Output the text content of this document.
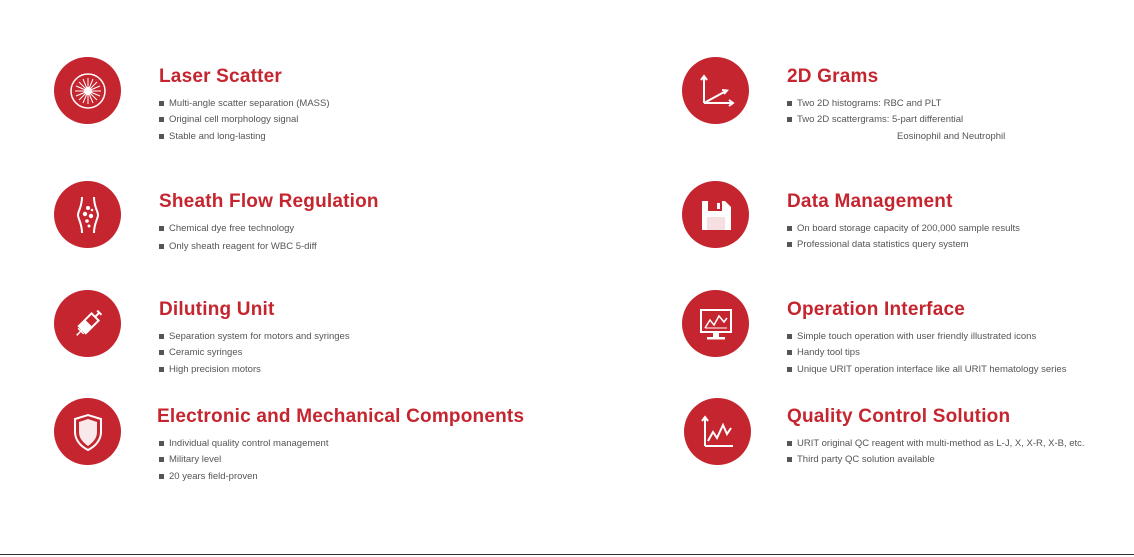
Laser Scatter
Multi-angle scatter separation (MASS)
Original cell morphology signal
Stable and long-lasting
Sheath Flow Regulation
Chemical dye free technology
Only sheath reagent for WBC 5-diff
Diluting Unit
Separation system for motors and syringes
Ceramic syringes
High precision motors
Electronic and Mechanical Components
Individual quality control management
Military level
20 years field-proven
2D Grams
Two 2D histograms: RBC and PLT
Two 2D scattergrams: 5-part differential
Eosinophil and Neutrophil
Data Management
On board storage capacity of 200,000 sample results
Professional data statistics query system
Operation Interface
Simple touch operation with user friendly illustrated icons
Handy tool tips
Unique URIT operation interface like all URIT hematology series
Quality Control Solution
URIT original QC reagent with multi-method as L-J, X, X-R, X-B, etc.
Third party QC solution available
